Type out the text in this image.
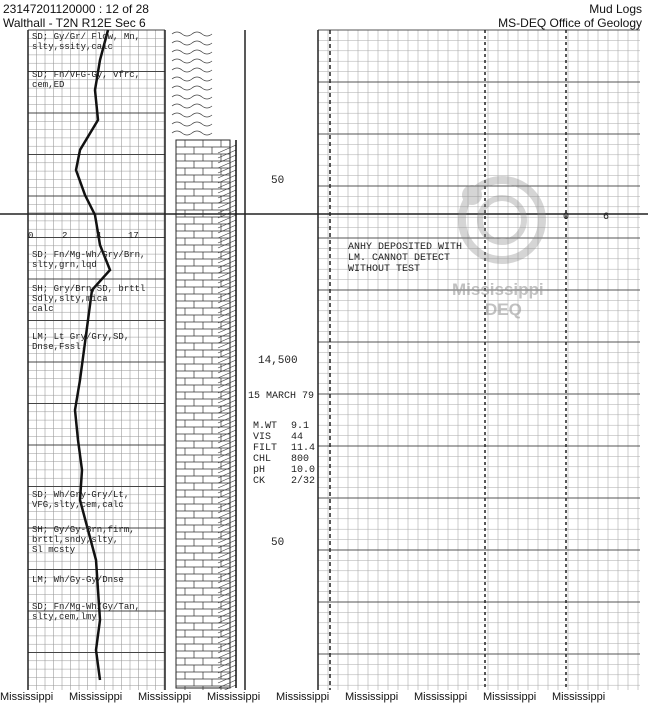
23147201120000 : 12 of 28
Walthall - T2N R12E Sec 6
Mud Logs
MS-DEQ Office of Geology
0	2	4	17
SD; Gy/Gr/ Flow, Mn,
slty,ssity,calc
SD; Fn/VFG-Gy, vfrc,
cem,ED
SD; Fn/Mg-Wh/Gry/Brn,
slty,grn,lqd
SH; Gry/Brn,SD, brttl
Sdly,slty,mica
calc
LM; Lt Gry/Gry,SD,
Dnse,Fssl.
SD; Wh/Gry-Gry/Lt,
VFG,slty,cem,calc
SH; Gy/Gy-Brn,firm,
brttl,sndy,slty,
Sl mcsty
LM; Wh/Gy-Gy/Dnse
SD; Fn/Mg-Wh/Gy/Tan,
slty,cem,lmy
50
14,500
50
15 MARCH 79
M.WT 9.1
VIS 44
FILT 11.4
CHL 800
pH	10.0
CK	2/32
ANHY DEPOSITED WITH
LM. CANNOT DETECT
WITHOUT TEST
0	6
Mississippi
DEQ
Mississippi Mississippi Mississippi Mississippi Mississippi Mississippi Mississippi Mississippi Mississippi
